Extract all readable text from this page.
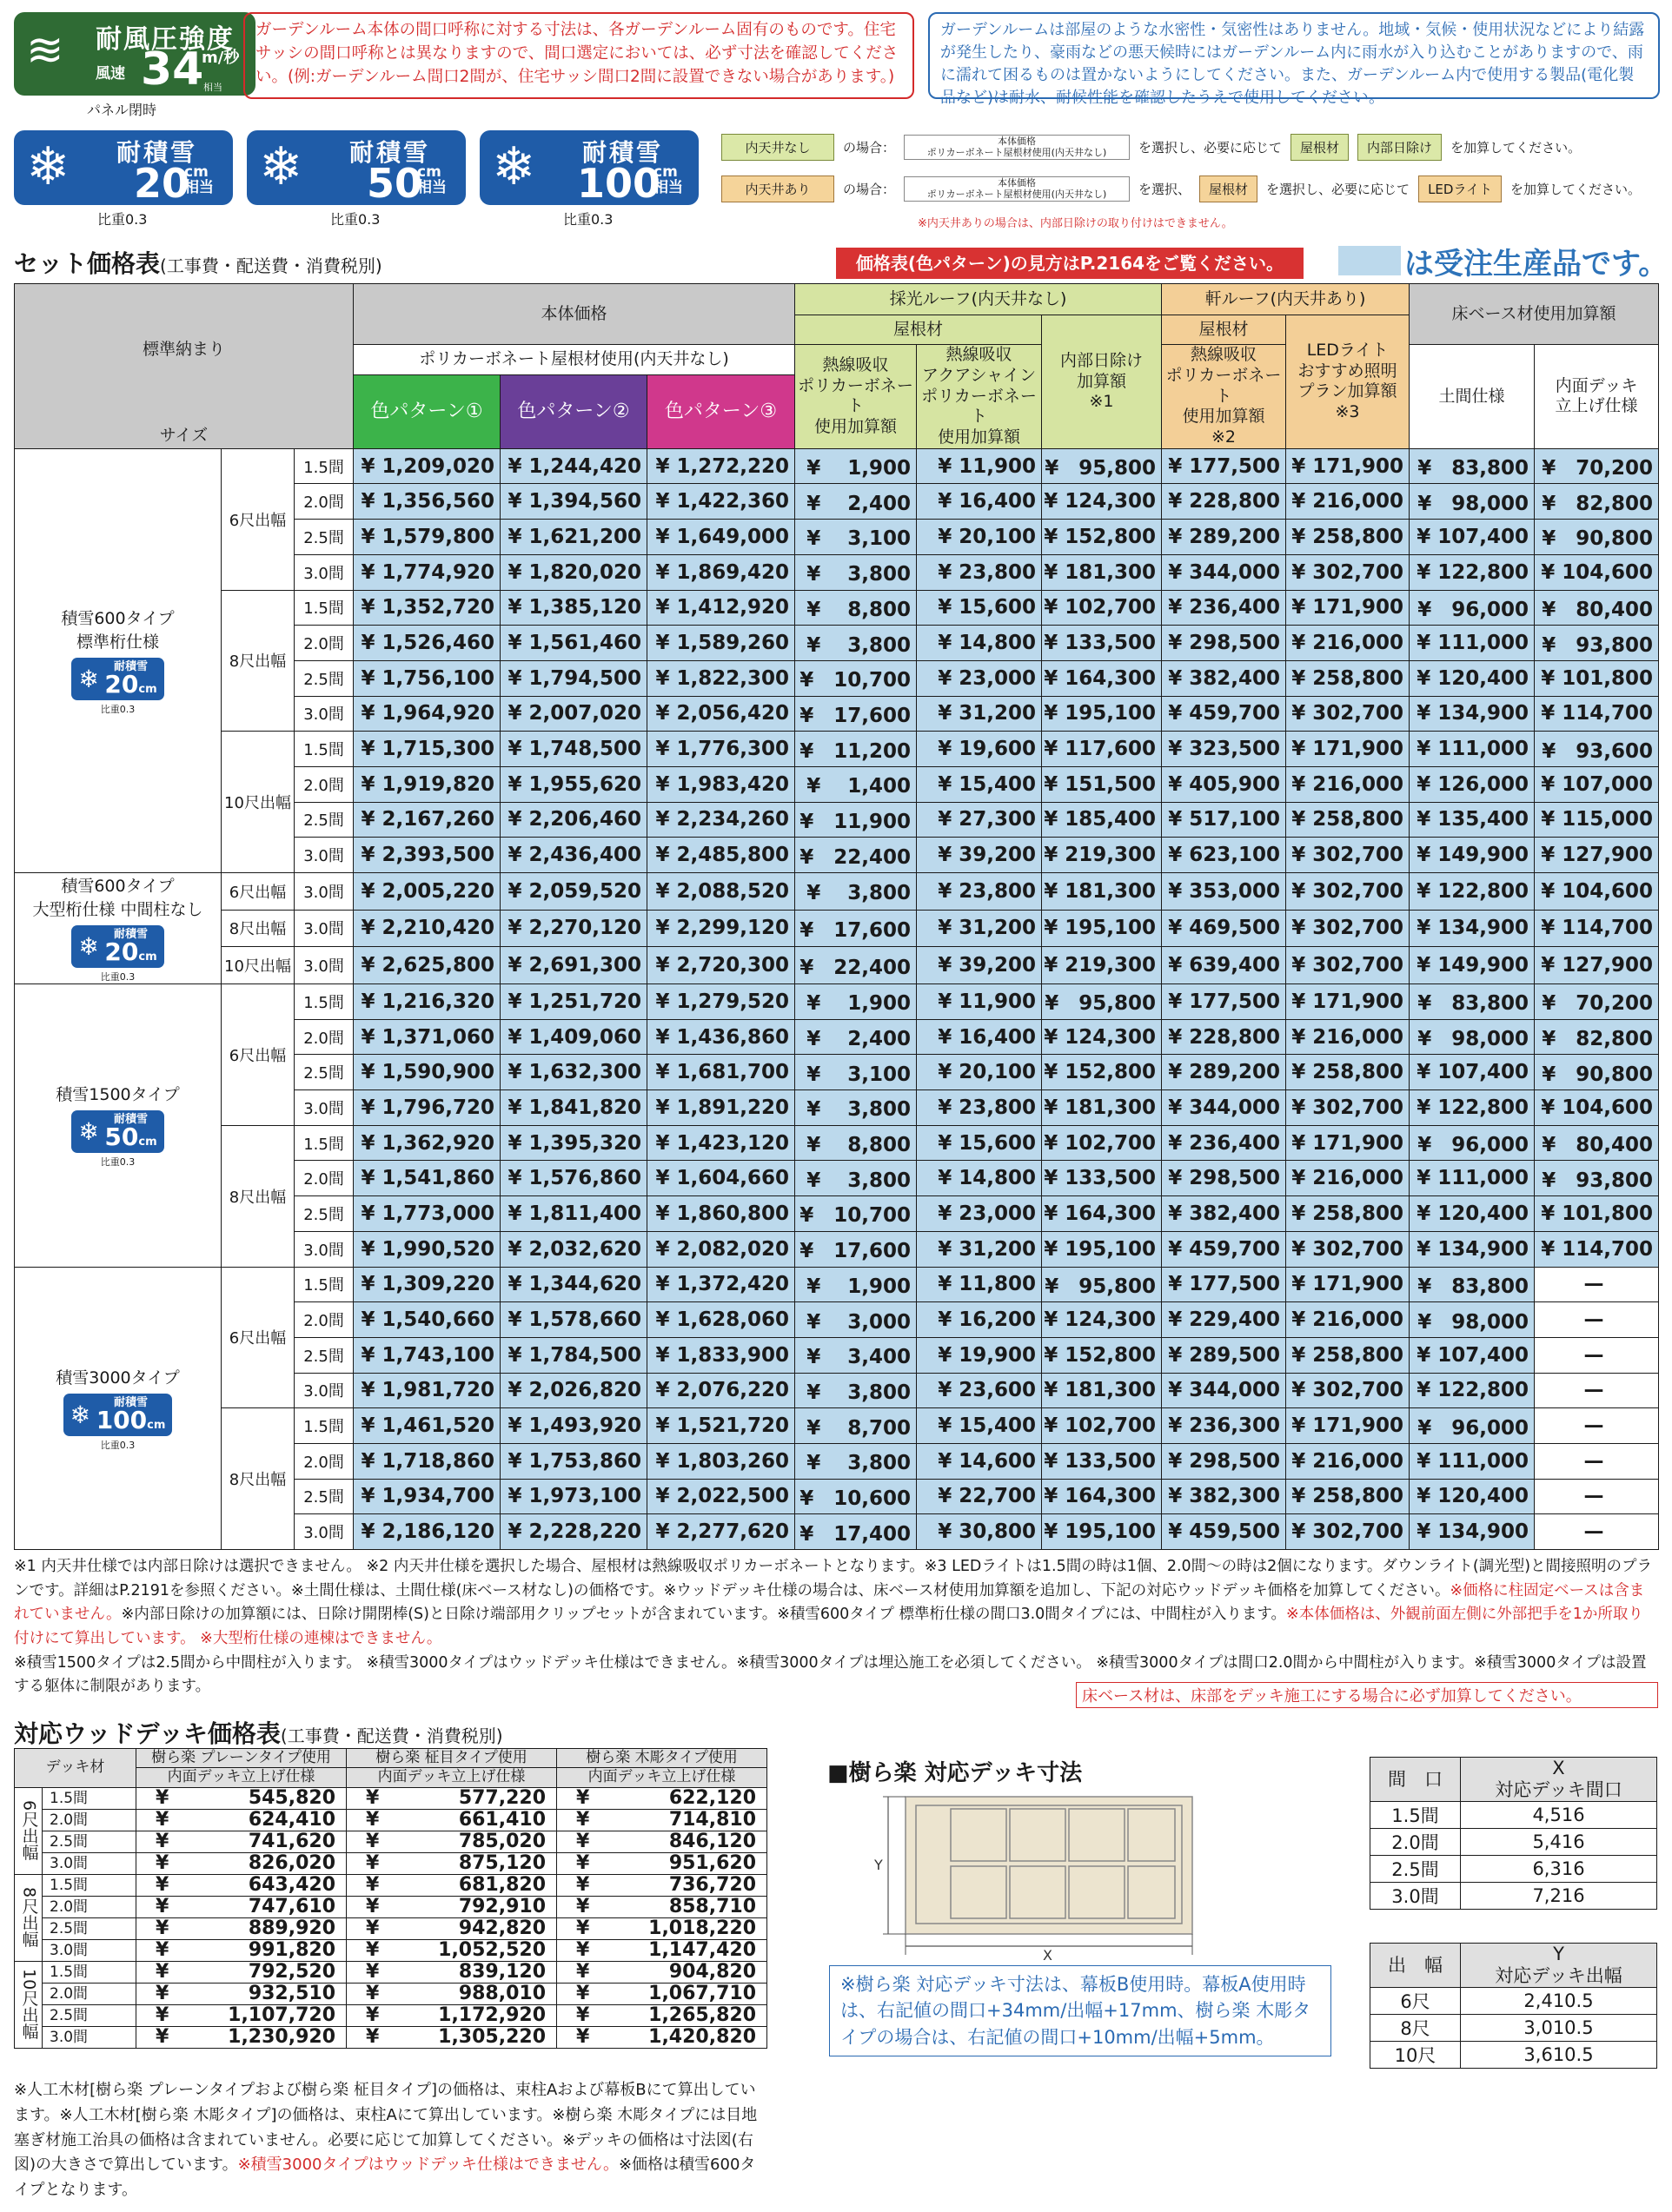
≋ 耐風圧強度
風速 34
m/秒
相当
パネル閉時
ガーデンルーム本体の間口呼称に対する寸法は、各ガーデンルーム固有のものです。住宅サッシの間口呼称とは異なりますので、間口選定においては、必ず寸法を確認してください。(例:ガーデンルーム間口2間が、住宅サッシ間口2間に設置できない場合があります。)
ガーデンルームは部屋のような水密性・気密性はありません。地域・気候・使用状況などにより結露が発生したり、豪雨などの悪天候時にはガーデンルーム内に雨水が入り込むことがありますので、雨に濡れて困るものは置かないようにしてください。また、ガーデンルーム内で使用する製品(電化製品など)は耐水、耐候性能を確認したうえで使用してください。
❄ 耐積雪
20
cm
相当 ❄ 耐積雪
50
cm
相当 ❄ 耐積雪
100
cm
相当
比重0.3	比重0.3	比重0.3
内天井なし	の場合：	本体価格
ポリカーボネート屋根材使用(内天井なし)	を選択し、必要に応じて	屋根材	内部日除け	を加算してください。
内天井あり	の場合：	本体価格
ポリカーボネート屋根材使用(内天井なし)	を選択、	屋根材	を選択し、必要に応じて	LEDライト	を加算してください。
※内天井ありの場合は、内部日除けの取り付けはできません。
セット価格表(工事費・配送費・消費税別)	価格表(色パターン)の見方はP.2164をご覧ください。	は受注生産品です。
標準納まり
サイズ			本体価格			採光ルーフ(内天井なし)			軒ルーフ(内天井あり)		床ベース材使用加算額	
						屋根材		内部日除け
加算額
※1	屋根材	LEDライト
おすすめ照明
プラン加算額
※3		
			ポリカーボネート屋根材使用(内天井なし)			熱線吸収
ポリカーボネート
使用加算額	熱線吸収
アクアシャイン
ポリカーボネート
使用加算額		熱線吸収
ポリカーボネート
使用加算額
※2		土間仕様	内面デッキ
立上げ仕様
			色パターン①	色パターン②	色パターン③							

積雪600タイプ
標準桁仕様
❄ 耐積雪
20cm
比重0.3	6尺出幅	1.5間	¥ 1,209,020	¥ 1,244,420	¥ 1,272,220	¥　 1,900	¥ 11,900	¥　95,800	¥ 177,500	¥ 171,900	¥　83,800	¥　70,200
		2.0間	¥ 1,356,560	¥ 1,394,560	¥ 1,422,360	¥　 2,400	¥ 16,400	¥ 124,300	¥ 228,800	¥ 216,000	¥　98,000	¥　82,800
		2.5間	¥ 1,579,800	¥ 1,621,200	¥ 1,649,000	¥　 3,100	¥ 20,100	¥ 152,800	¥ 289,200	¥ 258,800	¥ 107,400	¥　90,800
		3.0間	¥ 1,774,920	¥ 1,820,020	¥ 1,869,420	¥　 3,800	¥ 23,800	¥ 181,300	¥ 344,000	¥ 302,700	¥ 122,800	¥ 104,600
	8尺出幅	1.5間	¥ 1,352,720	¥ 1,385,120	¥ 1,412,920	¥　 8,800	¥ 15,600	¥ 102,700	¥ 236,400	¥ 171,900	¥　96,000	¥　80,400
		2.0間	¥ 1,526,460	¥ 1,561,460	¥ 1,589,260	¥　 3,800	¥ 14,800	¥ 133,500	¥ 298,500	¥ 216,000	¥ 111,000	¥　93,800
		2.5間	¥ 1,756,100	¥ 1,794,500	¥ 1,822,300	¥　10,700	¥ 23,000	¥ 164,300	¥ 382,400	¥ 258,800	¥ 120,400	¥ 101,800
		3.0間	¥ 1,964,920	¥ 2,007,020	¥ 2,056,420	¥　17,600	¥ 31,200	¥ 195,100	¥ 459,700	¥ 302,700	¥ 134,900	¥ 114,700
	10尺出幅	1.5間	¥ 1,715,300	¥ 1,748,500	¥ 1,776,300	¥　11,200	¥ 19,600	¥ 117,600	¥ 323,500	¥ 171,900	¥ 111,000	¥　93,600
		2.0間	¥ 1,919,820	¥ 1,955,620	¥ 1,983,420	¥　 1,400	¥ 15,400	¥ 151,500	¥ 405,900	¥ 216,000	¥ 126,000	¥ 107,000
		2.5間	¥ 2,167,260	¥ 2,206,460	¥ 2,234,260	¥　11,900	¥ 27,300	¥ 185,400	¥ 517,100	¥ 258,800	¥ 135,400	¥ 115,000
		3.0間	¥ 2,393,500	¥ 2,436,400	¥ 2,485,800	¥　22,400	¥ 39,200	¥ 219,300	¥ 623,100	¥ 302,700	¥ 149,900	¥ 127,900

積雪600タイプ
大型桁仕様 中間柱なし
❄ 耐積雪
20cm
比重0.3	6尺出幅	3.0間	¥ 2,005,220	¥ 2,059,520	¥ 2,088,520	¥　 3,800	¥ 23,800	¥ 181,300	¥ 353,000	¥ 302,700	¥ 122,800	¥ 104,600
	8尺出幅	3.0間	¥ 2,210,420	¥ 2,270,120	¥ 2,299,120	¥　17,600	¥ 31,200	¥ 195,100	¥ 469,500	¥ 302,700	¥ 134,900	¥ 114,700
	10尺出幅	3.0間	¥ 2,625,800	¥ 2,691,300	¥ 2,720,300	¥　22,400	¥ 39,200	¥ 219,300	¥ 639,400	¥ 302,700	¥ 149,900	¥ 127,900

積雪1500タイプ
❄ 耐積雪
50cm
比重0.3	6尺出幅	1.5間	¥ 1,216,320	¥ 1,251,720	¥ 1,279,520	¥　 1,900	¥ 11,900	¥　95,800	¥ 177,500	¥ 171,900	¥　83,800	¥　70,200
		2.0間	¥ 1,371,060	¥ 1,409,060	¥ 1,436,860	¥　 2,400	¥ 16,400	¥ 124,300	¥ 228,800	¥ 216,000	¥　98,000	¥　82,800
		2.5間	¥ 1,590,900	¥ 1,632,300	¥ 1,681,700	¥　 3,100	¥ 20,100	¥ 152,800	¥ 289,200	¥ 258,800	¥ 107,400	¥　90,800
		3.0間	¥ 1,796,720	¥ 1,841,820	¥ 1,891,220	¥　 3,800	¥ 23,800	¥ 181,300	¥ 344,000	¥ 302,700	¥ 122,800	¥ 104,600
	8尺出幅	1.5間	¥ 1,362,920	¥ 1,395,320	¥ 1,423,120	¥　 8,800	¥ 15,600	¥ 102,700	¥ 236,400	¥ 171,900	¥　96,000	¥　80,400
		2.0間	¥ 1,541,860	¥ 1,576,860	¥ 1,604,660	¥　 3,800	¥ 14,800	¥ 133,500	¥ 298,500	¥ 216,000	¥ 111,000	¥　93,800
		2.5間	¥ 1,773,000	¥ 1,811,400	¥ 1,860,800	¥　10,700	¥ 23,000	¥ 164,300	¥ 382,400	¥ 258,800	¥ 120,400	¥ 101,800
		3.0間	¥ 1,990,520	¥ 2,032,620	¥ 2,082,020	¥　17,600	¥ 31,200	¥ 195,100	¥ 459,700	¥ 302,700	¥ 134,900	¥ 114,700

積雪3000タイプ
❄ 耐積雪
100cm
比重0.3	6尺出幅	1.5間	¥ 1,309,220	¥ 1,344,620	¥ 1,372,420	¥　 1,900	¥ 11,800	¥　95,800	¥ 177,500	¥ 171,900	¥　83,800	—
		2.0間	¥ 1,540,660	¥ 1,578,660	¥ 1,628,060	¥　 3,000	¥ 16,200	¥ 124,300	¥ 229,400	¥ 216,000	¥　98,000	—
		2.5間	¥ 1,743,100	¥ 1,784,500	¥ 1,833,900	¥　 3,400	¥ 19,900	¥ 152,800	¥ 289,500	¥ 258,800	¥ 107,400	—
		3.0間	¥ 1,981,720	¥ 2,026,820	¥ 2,076,220	¥　 3,800	¥ 23,600	¥ 181,300	¥ 344,000	¥ 302,700	¥ 122,800	—
	8尺出幅	1.5間	¥ 1,461,520	¥ 1,493,920	¥ 1,521,720	¥　 8,700	¥ 15,400	¥ 102,700	¥ 236,300	¥ 171,900	¥　96,000	—
		2.0間	¥ 1,718,860	¥ 1,753,860	¥ 1,803,260	¥　 3,800	¥ 14,600	¥ 133,500	¥ 298,500	¥ 216,000	¥ 111,000	—
		2.5間	¥ 1,934,700	¥ 1,973,100	¥ 2,022,500	¥　10,600	¥ 22,700	¥ 164,300	¥ 382,300	¥ 258,800	¥ 120,400	—
		3.0間	¥ 2,186,120	¥ 2,228,220	¥ 2,277,620	¥　17,400	¥ 30,800	¥ 195,100	¥ 459,500	¥ 302,700	¥ 134,900	—
※1 内天井仕様では内部日除けは選択できません。 ※2 内天井仕様を選択した場合、屋根材は熱線吸収ポリカーボネートとなります。※3 LEDライトは1.5間の時は1個、2.0間～の時は2個になります。ダウンライト(調光型)と間接照明のプランです。詳細はP.2191を参照ください。※土間仕様は、土間仕様(床ベース材なし)の価格です。※ウッドデッキ仕様の場合は、床ベース材使用加算額を追加し、下記の対応ウッドデッキ価格を加算してください。※価格に柱固定ベースは含まれていません。※内部日除けの加算額には、日除け開閉棒(S)と日除け端部用クリップセットが含まれています。※積雪600タイプ 標準桁仕様の間口3.0間タイプには、中間柱が入ります。※本体価格は、外観前面左側に外部把手を1か所取り付けにて算出しています。 ※大型桁仕様の連棟はできません。
※積雪1500タイプは2.5間から中間柱が入ります。 ※積雪3000タイプはウッドデッキ仕様はできません。※積雪3000タイプは埋込施工を必須してください。 ※積雪3000タイプは間口2.0間から中間柱が入ります。※積雪3000タイプは設置する躯体に制限があります。
床ベース材は、床部をデッキ施工にする場合に必ず加算してください。
対応ウッドデッキ価格表(工事費・配送費・消費税別)
デッキ材		樹ら楽 プレーンタイプ使用	樹ら楽 柾目タイプ使用	樹ら楽 木彫タイプ使用
		内面デッキ立上げ仕様	内面デッキ立上げ仕様	内面デッキ立上げ仕様
6尺出幅	1.5間	¥ 545,820	¥ 577,220	¥ 622,120
	2.0間	¥ 624,410	¥ 661,410	¥ 714,810
	2.5間	¥ 741,620	¥ 785,020	¥ 846,120
	3.0間	¥ 826,020	¥ 875,120	¥ 951,620
8尺出幅	1.5間	¥ 643,420	¥ 681,820	¥ 736,720
	2.0間	¥ 747,610	¥ 792,910	¥ 858,710
	2.5間	¥ 889,920	¥ 942,820	¥ 1,018,220
	3.0間	¥ 991,820	¥ 1,052,520	¥ 1,147,420
10尺出幅	1.5間	¥ 792,520	¥ 839,120	¥ 904,820
	2.0間	¥ 932,510	¥ 988,010	¥ 1,067,710
	2.5間	¥ 1,107,720	¥ 1,172,920	¥ 1,265,820
	3.0間	¥ 1,230,920	¥ 1,305,220	¥ 1,420,820
※人工木材[樹ら楽 プレーンタイプおよび樹ら楽 柾目タイプ]の価格は、束柱Aおよび幕板Bにて算出しています。※人工木材[樹ら楽 木彫タイプ]の価格は、束柱Aにて算出しています。※樹ら楽 木彫タイプには目地塞ぎ材施工治具の価格は含まれていません。必要に応じて加算してください。※デッキの価格は寸法図(右図)の大きさで算出しています。※積雪3000タイプはウッドデッキ仕様はできません。※価格は積雪600タイプとなります。
■樹ら楽 対応デッキ寸法
Y
X
※樹ら楽 対応デッキ寸法は、幕板B使用時。幕板A使用時は、右記値の間口+34mm/出幅+17mm、樹ら楽 木彫タイプの場合は、右記値の間口+10mm/出幅+5mm。
間　口	X
対応デッキ間口
1.5間	4,516
2.0間	5,416
2.5間	6,316
3.0間	7,216
出　幅	Y
対応デッキ出幅
6尺	2,410.5
8尺	3,010.5
10尺	3,610.5
